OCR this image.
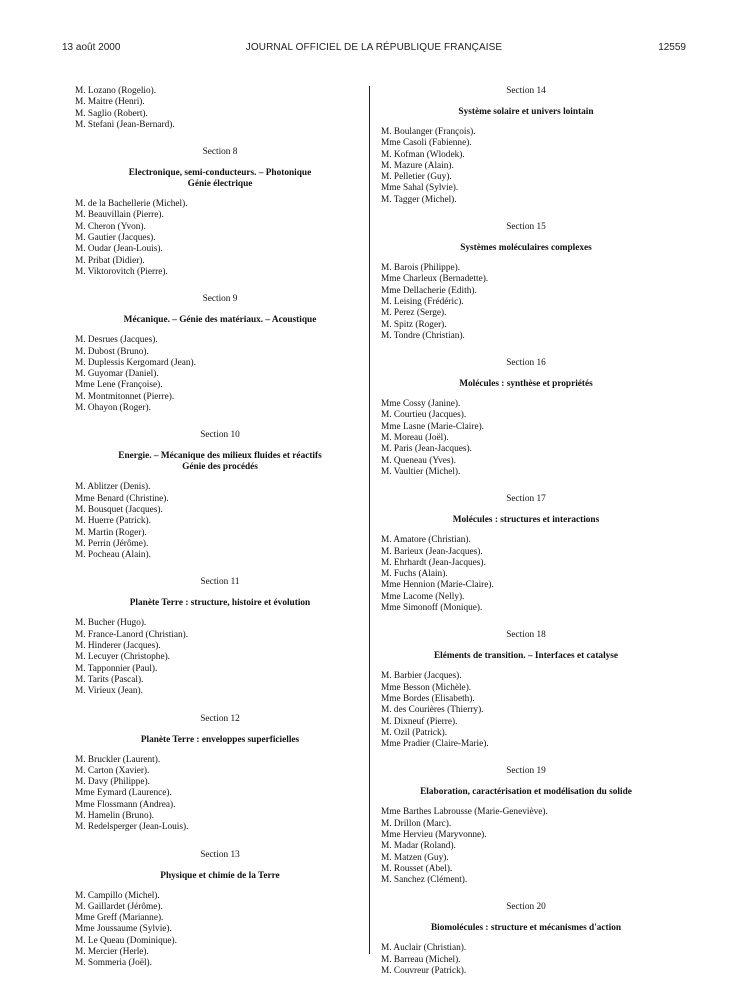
13 août 2000	JOURNAL OFFICIEL DE LA RÉPUBLIQUE FRANÇAISE	12559
M. Lozano (Rogelio).
M. Maitre (Henri).
M. Saglio (Robert).
M. Stefani (Jean-Bernard).
Section 8
Electronique, semi-conducteurs. – Photonique
Génie électrique
M. de la Bachellerie (Michel).
M. Beauvillain (Pierre).
M. Cheron (Yvon).
M. Gautier (Jacques).
M. Oudar (Jean-Louis).
M. Pribat (Didier).
M. Viktorovitch (Pierre).
Section 9
Mécanique. – Génie des matériaux. – Acoustique
M. Desrues (Jacques).
M. Dubost (Bruno).
M. Duplessis Kergomard (Jean).
M. Guyomar (Daniel).
Mme Lene (Françoise).
M. Montmitonnet (Pierre).
M. Ohayon (Roger).
Section 10
Energie. – Mécanique des milieux fluides et réactifs
Génie des procédés
M. Ablitzer (Denis).
Mme Benard (Christine).
M. Bousquet (Jacques).
M. Huerre (Patrick).
M. Martin (Roger).
M. Perrin (Jérôme).
M. Pocheau (Alain).
Section 11
Planète Terre : structure, histoire et évolution
M. Bucher (Hugo).
M. France-Lanord (Christian).
M. Hinderer (Jacques).
M. Lecuyer (Christophe).
M. Tapponnier (Paul).
M. Tarits (Pascal).
M. Virieux (Jean).
Section 12
Planète Terre : enveloppes superficielles
M. Bruckler (Laurent).
M. Carton (Xavier).
M. Davy (Philippe).
Mme Eymard (Laurence).
Mme Flossmann (Andrea).
M. Hamelin (Bruno).
M. Redelsperger (Jean-Louis).
Section 13
Physique et chimie de la Terre
M. Campillo (Michel).
M. Gaillardet (Jérôme).
Mme Greff (Marianne).
Mme Joussaume (Sylvie).
M. Le Queau (Dominique).
M. Mercier (Herle).
M. Sommeria (Joël).
Section 14
Système solaire et univers lointain
M. Boulanger (François).
Mme Casoli (Fabienne).
M. Kofman (Wlodek).
M. Mazure (Alain).
M. Pelletier (Guy).
Mme Sahal (Sylvie).
M. Tagger (Michel).
Section 15
Systèmes moléculaires complexes
M. Barois (Philippe).
Mme Charleux (Bernadette).
Mme Dellacherie (Edith).
M. Leising (Frédéric).
M. Perez (Serge).
M. Spitz (Roger).
M. Tondre (Christian).
Section 16
Molécules : synthèse et propriétés
Mme Cossy (Janine).
M. Courtieu (Jacques).
Mme Lasne (Marie-Claire).
M. Moreau (Joël).
M. Paris (Jean-Jacques).
M. Queneau (Yves).
M. Vaultier (Michel).
Section 17
Molécules : structures et interactions
M. Amatore (Christian).
M. Barieux (Jean-Jacques).
M. Ehrhardt (Jean-Jacques).
M. Fuchs (Alain).
Mme Hennion (Marie-Claire).
Mme Lacome (Nelly).
Mme Simonoff (Monique).
Section 18
Eléments de transition. – Interfaces et catalyse
M. Barbier (Jacques).
Mme Besson (Michèle).
Mme Bordes (Elisabeth).
M. des Courières (Thierry).
M. Dixneuf (Pierre).
M. Ozil (Patrick).
Mme Pradier (Claire-Marie).
Section 19
Elaboration, caractérisation et modélisation du solide
Mme Barthes Labrousse (Marie-Geneviève).
M. Drillon (Marc).
Mme Hervieu (Maryvonne).
M. Madar (Roland).
M. Matzen (Guy).
M. Rousset (Abel).
M. Sanchez (Clément).
Section 20
Biomolécules : structure et mécanismes d'action
M. Auclair (Christian).
M. Barreau (Michel).
M. Couvreur (Patrick).
